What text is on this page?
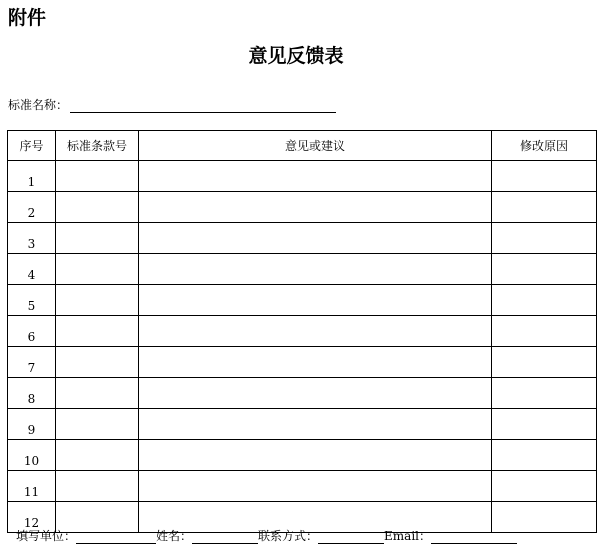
附件
意见反馈表
标准名称：
序号	标准条款号	意见或建议	修改原因
1			
2			
3			
4			
5			
6			
7			
8			
9			
10			
11			
12			
填写单位：	姓名：	联系方式：	Email：
